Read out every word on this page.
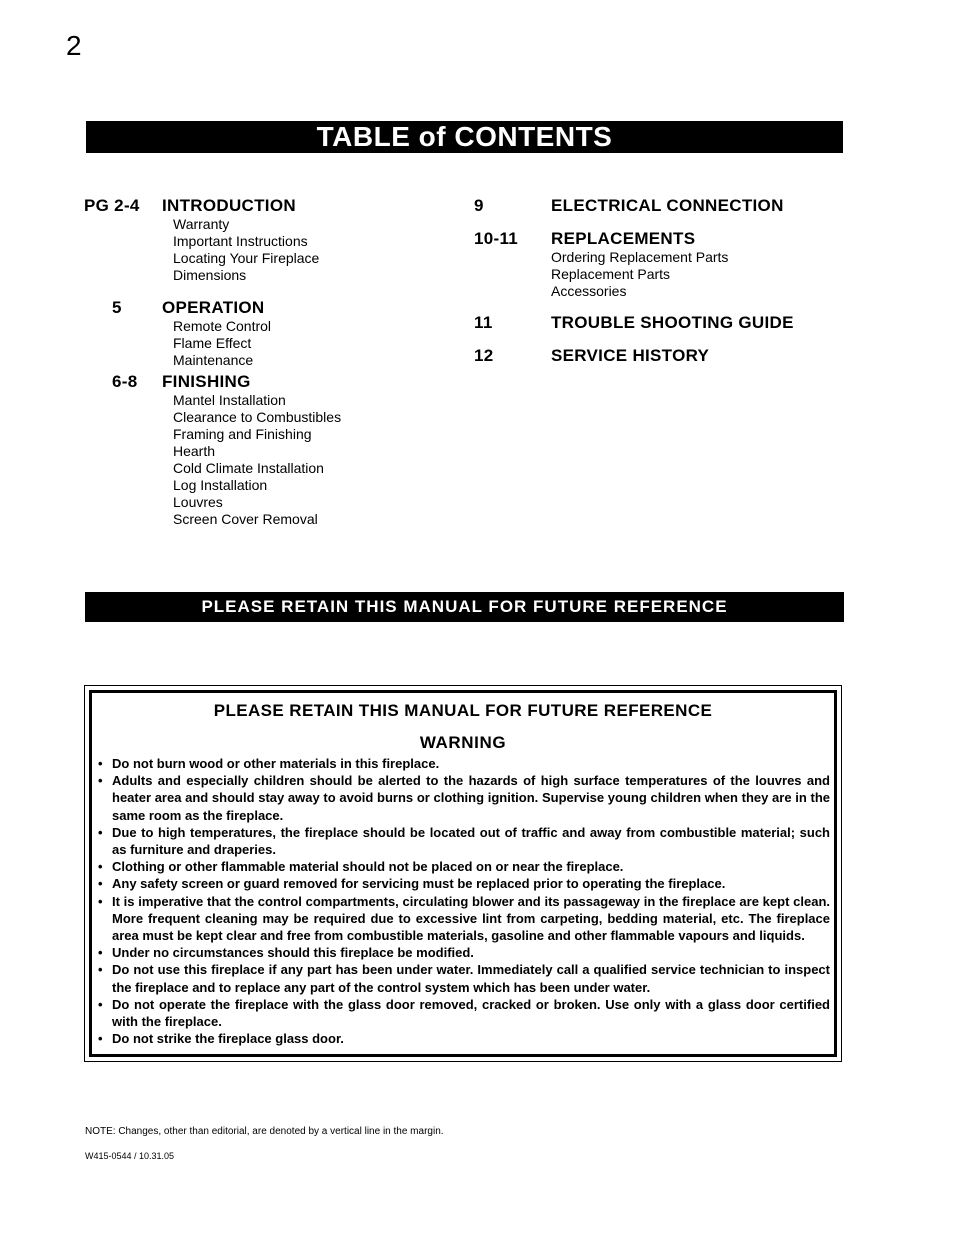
2
TABLE of CONTENTS
PG 2-4	INTRODUCTION
Warranty
Important Instructions
Locating Your Fireplace
Dimensions
5	OPERATION
Remote Control
Flame Effect
Maintenance
6-8	FINISHING
Mantel Installation
Clearance to Combustibles
Framing and Finishing
Hearth
Cold Climate Installation
Log Installation
Louvres
Screen Cover Removal
9	ELECTRICAL CONNECTION
10-11	REPLACEMENTS
Ordering Replacement Parts
Replacement Parts
Accessories
11	TROUBLE SHOOTING GUIDE
12	SERVICE HISTORY
PLEASE RETAIN THIS MANUAL FOR FUTURE REFERENCE
PLEASE RETAIN THIS MANUAL FOR FUTURE REFERENCE
WARNING
• Do not burn wood or other materials in this fireplace.
• Adults and especially children should be alerted to the hazards of high surface temperatures of the louvres and heater area and should stay away to avoid burns or clothing ignition. Supervise young children when they are in the same room as the fireplace.
• Due to high temperatures, the fireplace should be located out of traffic and away from combustible material; such as furniture and draperies.
• Clothing or other flammable material should not be placed on or near the fireplace.
• Any safety screen or guard removed for servicing must be replaced prior to operating the fireplace.
• It is imperative that the control compartments, circulating blower and its passageway in the fireplace are kept clean. More frequent cleaning may be required due to excessive lint from carpeting, bedding material, etc. The fireplace area must be kept clear and free from combustible materials, gasoline and other flammable vapours and liquids.
• Under no circumstances should this fireplace be modified.
• Do not use this fireplace if any part has been under water. Immediately call a qualified service technician to inspect the fireplace and to replace any part of the control system which has been under water.
• Do not operate the fireplace with the glass door removed, cracked or broken. Use only with a glass door certified with the fireplace.
• Do not strike the fireplace glass door.
NOTE: Changes, other than editorial, are denoted by a vertical line in the margin.
W415-0544 / 10.31.05
